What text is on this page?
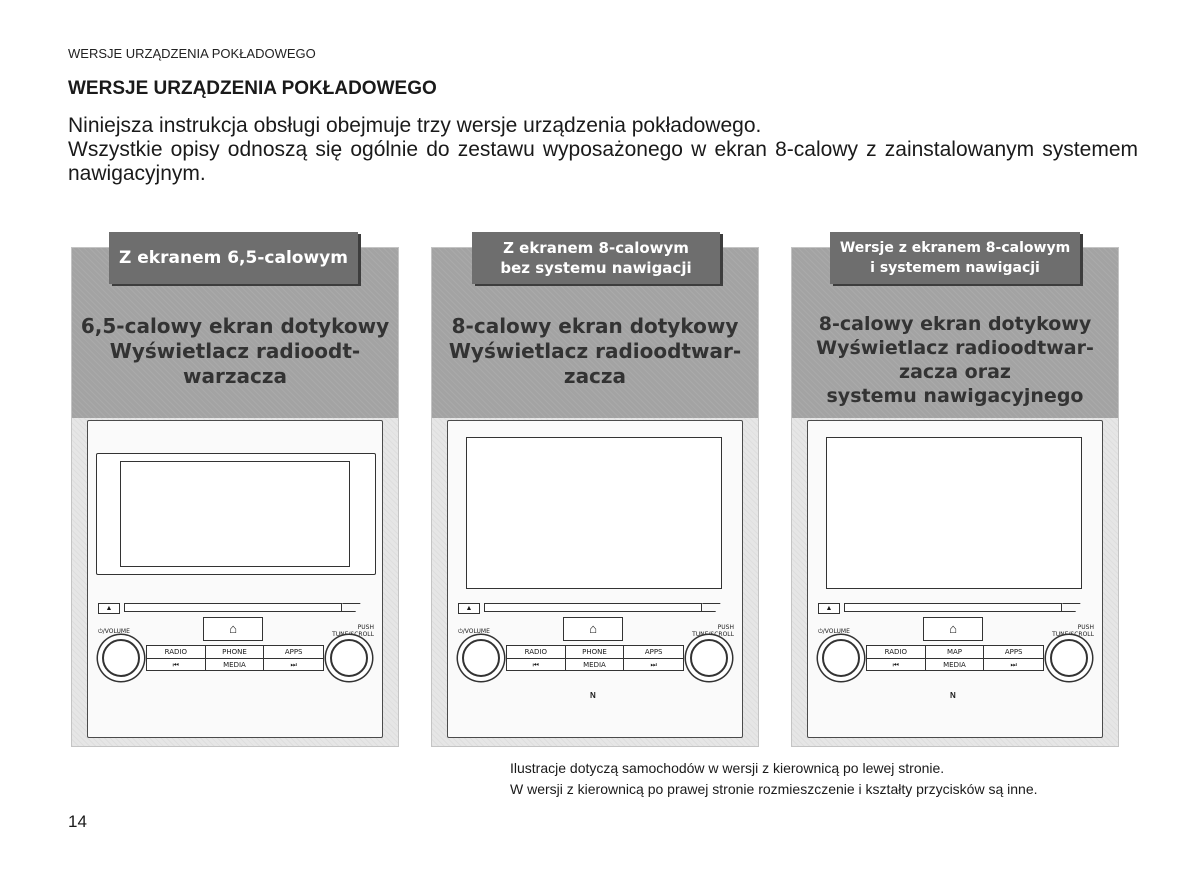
WERSJE URZĄDZENIA POKŁADOWEGO
WERSJE URZĄDZENIA POKŁADOWEGO

Niniejsza instrukcja obsługi obejmuje trzy wersje urządzenia pokładowego.

Wszystkie opisy odnoszą się ogólnie do zestawu wyposażonego w ekran 8-calowy z zainstalowanym systemem nawigacyjnym.

Z ekranem 6,5-calowym
6,5-calowy ekran dotykowy
Wyświetlacz radioodt-
warzacza
▲
⌂
⏻/VOLUME
PUSH
TUNE/SCROLL
RADIO	PHONE	APPS
⏮	MEDIA	⏭
Z ekranem 8-calowym
bez systemu nawigacji
8-calowy ekran dotykowy
Wyświetlacz radioodtwar-
zacza
▲
⌂
⏻/VOLUME
PUSH
TUNE/SCROLL
RADIO	PHONE	APPS
⏮	MEDIA	⏭
N
Wersje z ekranem 8-calowym
i systemem nawigacji
8-calowy ekran dotykowy
Wyświetlacz radioodtwar-
zacza oraz
systemu nawigacyjnego
▲
⌂
⏻/VOLUME
PUSH
TUNE/SCROLL
RADIO	MAP	APPS
⏮	MEDIA	⏭
N

Ilustracje dotyczą samochodów w wersji z kierownicą po lewej stronie.

W wersji z kierownicą po prawej stronie rozmieszczenie i kształty przycisków są inne.

14
